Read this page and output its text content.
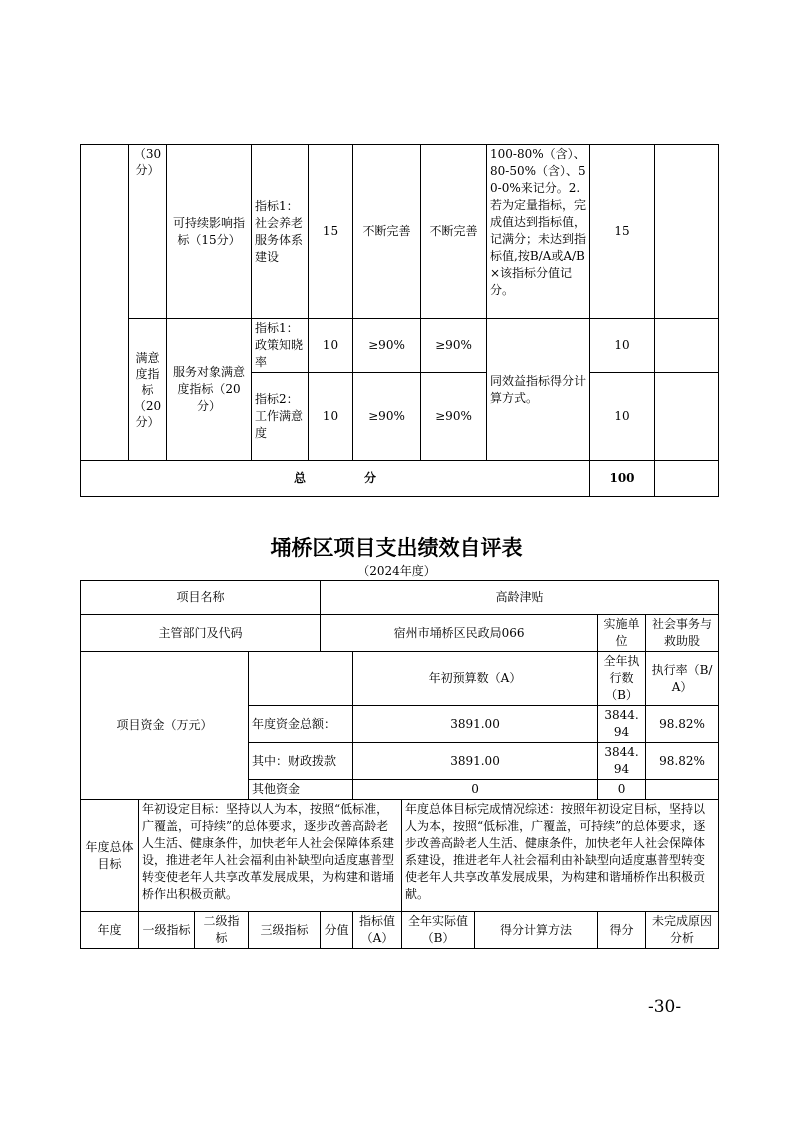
	（30分）	可持续影响指标（15分）	指标1：社会养老服务体系建设	15	不断完善	不断完善	100-80%（含）、80-50%（含）、50-0%来记分。2.若为定量指标，完成值达到指标值，记满分；未达到指标值,按B/A或A/B×该指标分值记分。	15	
	满意度指标（20分）	服务对象满意度指标（20分）	指标1：政策知晓率	10	≥90%	≥90%	同效益指标得分计算方式。	10	
			指标2：工作满意度	10	≥90%	≥90%		10	
总 分								100	
埇桥区项目支出绩效自评表
（2024年度）
项目名称				高龄津贴					
主管部门及代码				宿州市埇桥区民政局066				实施单位	社会事务与救助股
项目资金（万元）					年初预算数（A）			全年执行数（B）	执行率（B/A）
			年度资金总额：		3891.00			3844.94	98.82%
			其中：财政拨款		3891.00			3844.94	98.82%
			其他资金		0			0	
年度总体目标	年初设定目标：坚持以人为本，按照“低标准，广覆盖，可持续”的总体要求，逐步改善高龄老人生活、健康条件，加快老年人社会保障体系建设，推进老年人社会福利由补缺型向适度惠普型转变使老年人共享改革发展成果，为构建和谐埇桥作出积极贡献。					年度总体目标完成情况综述：按照年初设定目标，坚持以人为本，按照“低标准，广覆盖，可持续”的总体要求，逐步改善高龄老人生活、健康条件，加快老年人社会保障体系建设，推进老年人社会福利由补缺型向适度惠普型转变使老年人共享改革发展成果，为构建和谐埇桥作出积极贡献。			
年度	一级指标	二级指标	三级指标	分值	指标值（A）	全年实际值（B）	得分计算方法	得分	未完成原因分析
-30-
